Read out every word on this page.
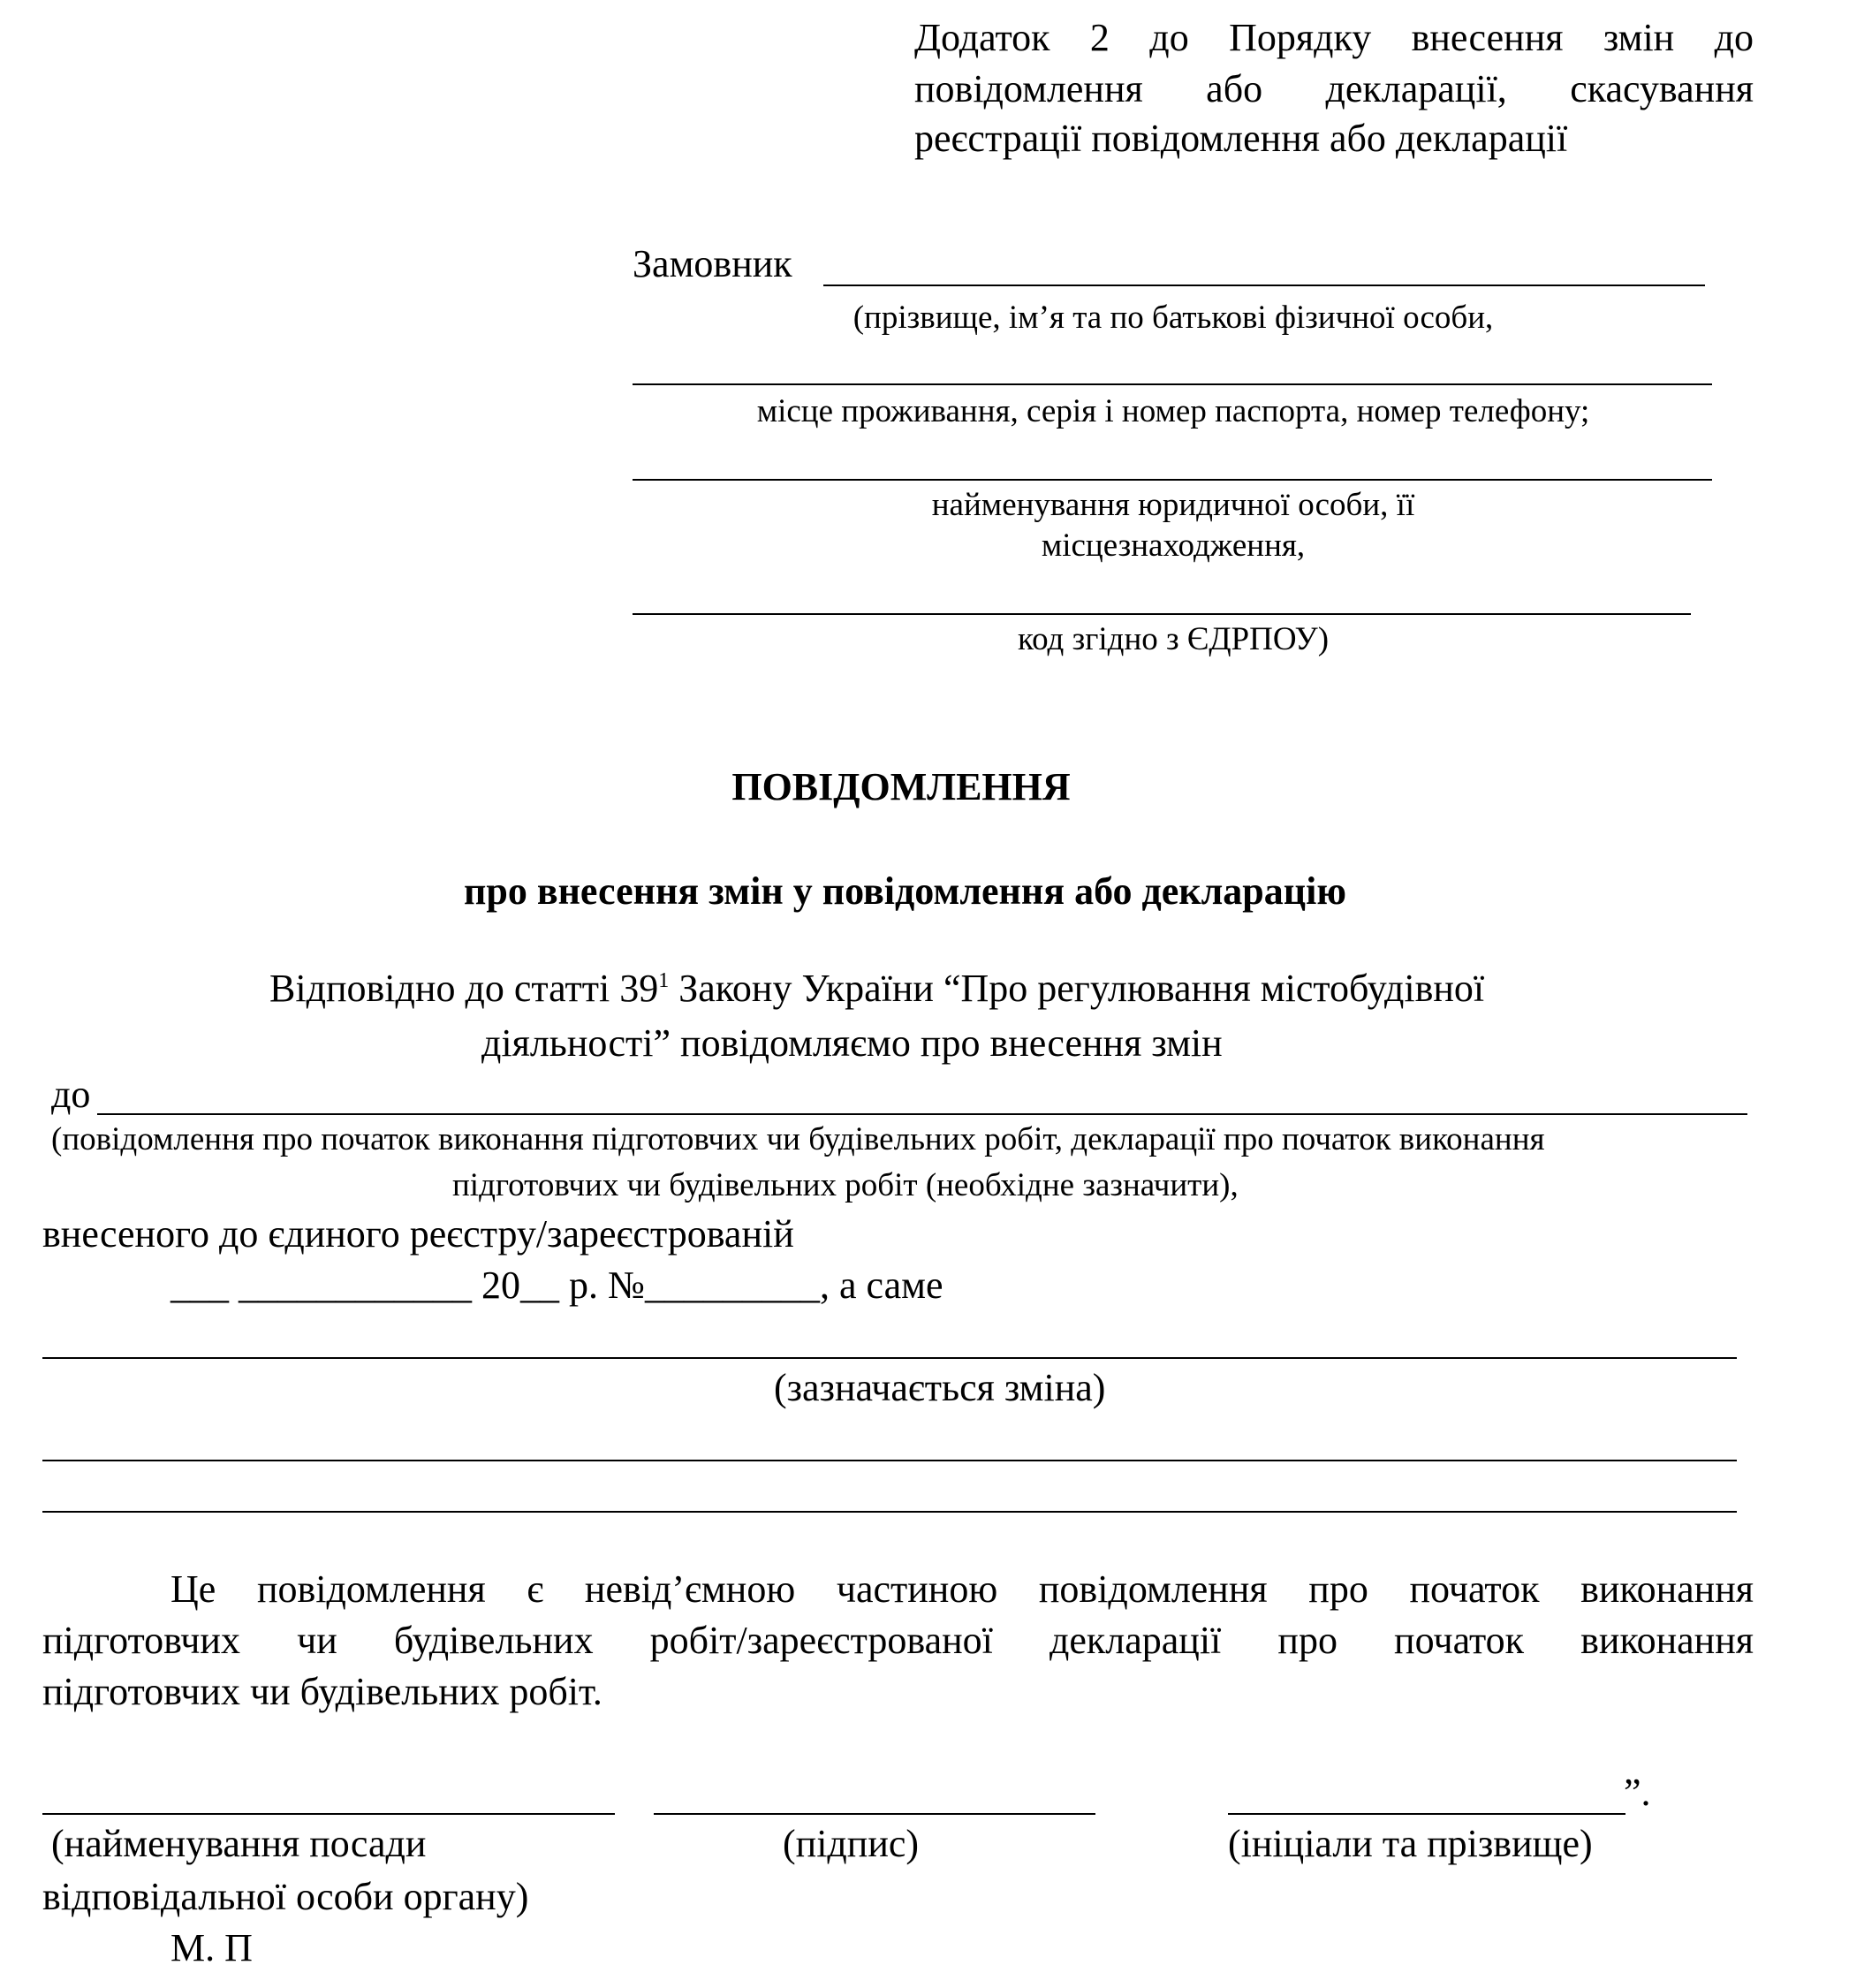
Додаток 2 до Порядку внесення змін до
повідомлення або декларації, скасування
реєстрації повідомлення або декларації
Замовник
(прізвище, ім’я та по батькові фізичної особи,
місце проживання, серія і номер паспорта, номер телефону;
найменування юридичної особи, її
місцезнаходження,
код згідно з ЄДРПОУ)
ПОВІДОМЛЕННЯ
про внесення змін у повідомлення або декларацію
Відповідно до статті $39^1$ Закону України “Про регулювання містобудівної
діяльності” повідомляємо про внесення змін
до
(повідомлення про початок виконання підготовчих чи будівельних робіт, декларації про початок виконання
підготовчих чи будівельних робіт (необхідне зазначити),
внесеного до єдиного реєстру/зареєстрованій
___ ____________ 20__ р. №_________, а саме
(зазначається зміна)
Це повідомлення є невід’ємною частиною повідомлення про початок виконання
підготовчих чи будівельних робіт/зареєстрованої декларації про початок виконання
підготовчих чи будівельних робіт.
”.
(найменування посади
відповідальної особи органу)
(підпис)	(ініціали та прізвище)
М. П
